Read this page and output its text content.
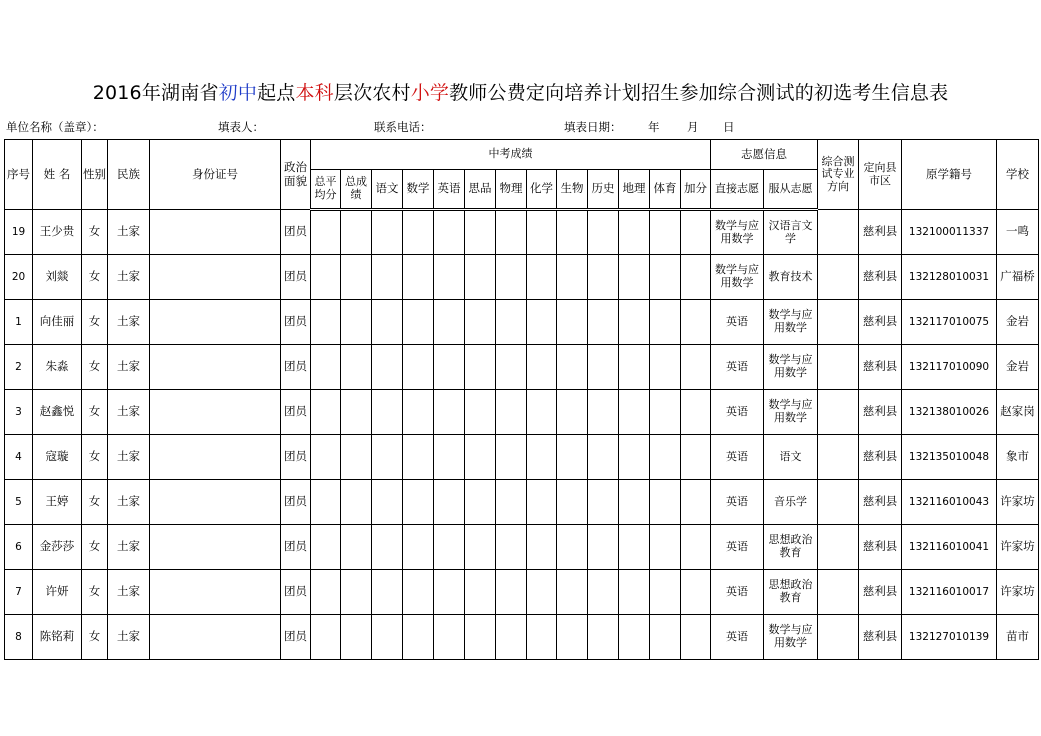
2016年湖南省初中起点本科层次农村小学教师公费定向培养计划招生参加综合测试的初选考生信息表
单位名称（盖章）：	填表人：	联系电话：	填表日期： 年 月 日
序号	姓 名	性别	民族	身份证号	政治面貌	中考成绩													志愿信息		综合测试专业方向	定向县市区	原学籍号	学校
						总平均分	总成绩	语文	数学	英语	思品	物理	化学	生物	历史	地理	体育	加分	直接志愿	服从志愿				
19	王少贵	女	土家		团员														数学与应用数学	汉语言文学		慈利县	132100011337	一鸣
20	刘燚	女	土家		团员														数学与应用数学	教育技术		慈利县	132128010031	广福桥
1	向佳丽	女	土家		团员														英语	数学与应用数学		慈利县	132117010075	金岩
2	朱淼	女	土家		团员														英语	数学与应用数学		慈利县	132117010090	金岩
3	赵鑫悦	女	土家		团员														英语	数学与应用数学		慈利县	132138010026	赵家岗
4	寇璇	女	土家		团员														英语	语文		慈利县	132135010048	象市
5	王婷	女	土家		团员														英语	音乐学		慈利县	132116010043	许家坊
6	金莎莎	女	土家		团员														英语	思想政治教育		慈利县	132116010041	许家坊
7	许妍	女	土家		团员														英语	思想政治教育		慈利县	132116010017	许家坊
8	陈铭莉	女	土家		团员														英语	数学与应用数学		慈利县	132127010139	苗市
